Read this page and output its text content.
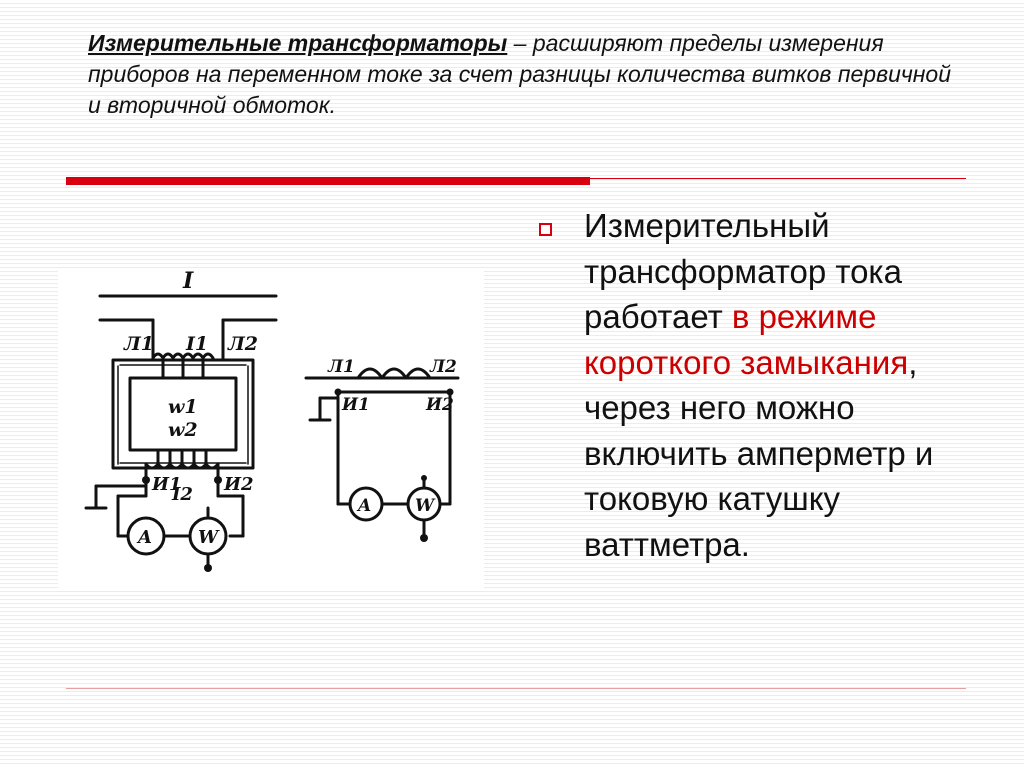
Измерительные трансформаторы – расширяют пределы измерения приборов на переменном токе за счет разницы количества витков первичной и вторичной обмоток.
Измерительный трансформатор тока работает в режиме короткого замыкания, через него можно включить амперметр и токовую катушку ваттметра.
I
Л1 I1 Л2
w1
w2
И1
I2 И2
A	W
Л1	Л2
И1	И2
A	W
